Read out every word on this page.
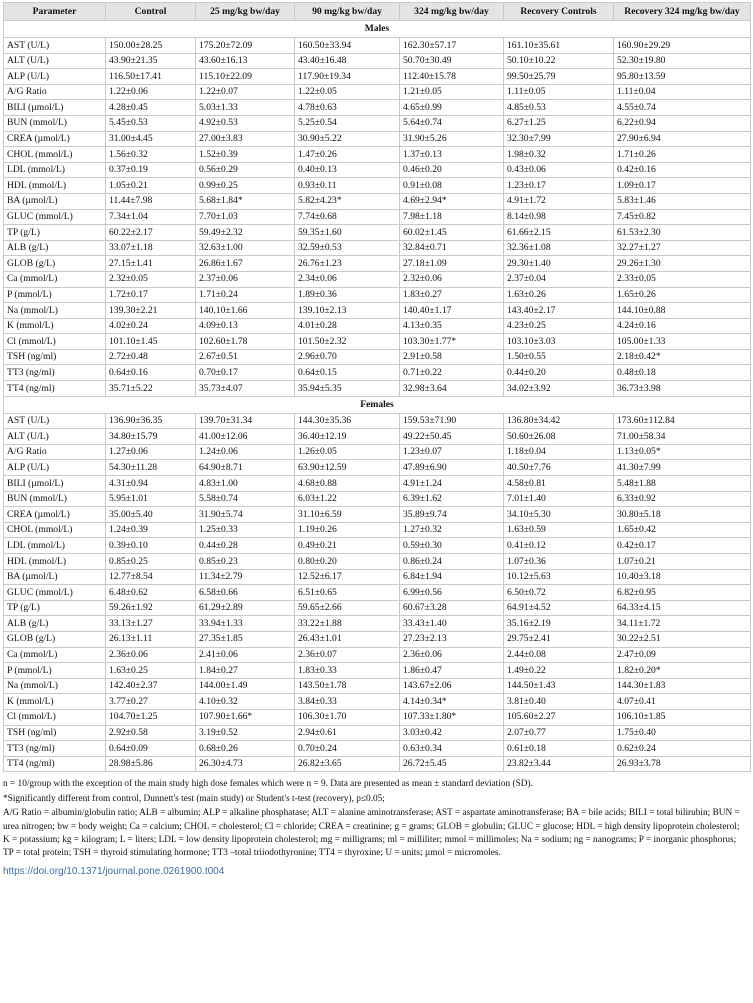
Parameter	Control	25 mg/kg bw/day	90 mg/kg bw/day	324 mg/kg bw/day	Recovery Controls	Recovery 324 mg/kg bw/day
Males						
AST (U/L)	150.00±28.25	175.20±72.09	160.50±33.94	162.30±57.17	161.10±35.61	160.90±29.29
ALT (U/L)	43.90±21.35	43.60±16.13	43.40±16.48	50.70±30.49	50.10±10.22	52.30±19.80
ALP (U/L)	116.50±17.41	115.10±22.09	117.90±19.34	112.40±15.78	99.50±25.79	95.80±13.59
A/G Ratio	1.22±0.06	1.22±0.07	1.22±0.05	1.21±0.05	1.11±0.05	1.11±0.04
BILI (µmol/L)	4.28±0.45	5.03±1.33	4.78±0.63	4.65±0.99	4.85±0.53	4.55±0.74
BUN (mmol/L)	5.45±0.53	4.92±0.53	5.25±0.54	5.64±0.74	6.27±1.25	6.22±0.94
CREA (µmol/L)	31.00±4.45	27.00±3.83	30.90±5.22	31.90±5.26	32.30±7.99	27.90±6.94
CHOL (mmol/L)	1.56±0.32	1.52±0.39	1.47±0.26	1.37±0.13	1.98±0.32	1.71±0.26
LDL (mmol/L)	0.37±0.19	0.56±0.29	0.40±0.13	0.46±0.20	0.43±0.06	0.42±0.16
HDL (mmol/L)	1.05±0.21	0.99±0.25	0.93±0.11	0.91±0.08	1.23±0.17	1.09±0.17
BA (µmol/L)	11.44±7.98	5.68±1.84*	5.82±4.23*	4.69±2.94*	4.91±1.72	5.83±1.46
GLUC (mmol/L)	7.34±1.04	7.70±1.03	7.74±0.68	7.98±1.18	8.14±0.98	7.45±0.82
TP (g/L)	60.22±2.17	59.49±2.32	59.35±1.60	60.02±1.45	61.66±2.15	61.53±2.30
ALB (g/L)	33.07±1.18	32.63±1.00	32.59±0.53	32.84±0.71	32.36±1.08	32.27±1.27
GLOB (g/L)	27.15±1.41	26.86±1.67	26.76±1.23	27.18±1.09	29.30±1.40	29.26±1.30
Ca (mmol/L)	2.32±0.05	2.37±0.06	2.34±0.06	2.32±0.06	2.37±0.04	2.33±0.05
P (mmol/L)	1.72±0.17	1.71±0.24	1.89±0.36	1.83±0.27	1.63±0.26	1.65±0.26
Na (mmol/L)	139.30±2.21	140.10±1.66	139.10±2.13	140.40±1.17	143.40±2.17	144.10±0.88
K (mmol/L)	4.02±0.24	4.09±0.13	4.01±0.28	4.13±0.35	4.23±0.25	4.24±0.16
Cl (mmol/L)	101.10±1.45	102.60±1.78	101.50±2.32	103.30±1.77*	103.10±3.03	105.00±1.33
TSH (ng/ml)	2.72±0.48	2.67±0.51	2.96±0.70	2.91±0.58	1.50±0.55	2.18±0.42*
TT3 (ng/ml)	0.64±0.16	0.70±0.17	0.64±0.15	0.71±0.22	0.44±0.20	0.48±0.18
TT4 (ng/ml)	35.71±5.22	35.73±4.07	35.94±5.35	32.98±3.64	34.02±3.92	36.73±3.98
Females						
AST (U/L)	136.90±36.35	139.70±31.34	144.30±35.36	159.53±71.90	136.80±34.42	173.60±112.84
ALT (U/L)	34.80±15.79	41.00±12.06	36.40±12.19	49.22±50.45	50.60±26.08	71.00±58.34
A/G Ratio	1.27±0.06	1.24±0.06	1.26±0.05	1.23±0.07	1.18±0.04	1.13±0.05*
ALP (U/L)	54.30±11.28	64.90±8.71	63.90±12.59	47.89±6.90	40.50±7.76	41.30±7.99
BILI (µmol/L)	4.31±0.94	4.83±1.00	4.68±0.88	4.91±1.24	4.58±0.81	5.48±1.88
BUN (mmol/L)	5.95±1.01	5.58±0.74	6.03±1.22	6.39±1.62	7.01±1.40	6.33±0.92
CREA (µmol/L)	35.00±5.40	31.90±5.74	31.10±6.59	35.89±9.74	34.10±5.30	30.80±5.18
CHOL (mmol/L)	1.24±0.39	1.25±0.33	1.19±0.26	1.27±0.32	1.63±0.59	1.65±0.42
LDL (mmol/L)	0.39±0.10	0.44±0.28	0.49±0.21	0.59±0.30	0.41±0.12	0.42±0.17
HDL (mmol/L)	0.85±0.25	0.85±0.23	0.80±0.20	0.86±0.24	1.07±0.36	1.07±0.21
BA (µmol/L)	12.77±8.54	11.34±2.79	12.52±6.17	6.84±1.94	10.12±5.63	10.40±3.18
GLUC (mmol/L)	6.48±0.62	6.58±0.66	6.51±0.65	6.99±0.56	6.50±0.72	6.82±0.95
TP (g/L)	59.26±1.92	61.29±2.89	59.65±2.66	60.67±3.28	64.91±4.52	64.33±4.15
ALB (g/L)	33.13±1.27	33.94±1.33	33.22±1.88	33.43±1.40	35.16±2.19	34.11±1.72
GLOB (g/L)	26.13±1.11	27.35±1.85	26.43±1.01	27.23±2.13	29.75±2.41	30.22±2.51
Ca (mmol/L)	2.36±0.06	2.41±0.06	2.36±0.07	2.36±0.06	2.44±0.08	2.47±0.09
P (mmol/L)	1.63±0.25	1.84±0.27	1.83±0.33	1.86±0.47	1.49±0.22	1.82±0.20*
Na (mmol/L)	142.40±2.37	144.00±1.49	143.50±1.78	143.67±2.06	144.50±1.43	144.30±1.83
K (mmol/L)	3.77±0.27	4.10±0.32	3.84±0.33	4.14±0.34*	3.81±0.40	4.07±0.41
Cl (mmol/L)	104.70±1.25	107.90±1.66*	106.30±1.70	107.33±1.80*	105.60±2.27	106.10±1.85
TSH (ng/ml)	2.92±0.58	3.19±0.52	2.94±0.61	3.03±0.42	2.07±0.77	1.75±0.40
TT3 (ng/ml)	0.64±0.09	0.68±0.26	0.70±0.24	0.63±0.34	0.61±0.18	0.62±0.24
TT4 (ng/ml)	28.98±5.86	26.30±4.73	26.82±3.65	26.72±5.45	23.82±3.44	26.93±3.78

n = 10/group with the exception of the main study high dose females which were n = 9. Data are presented as mean ± standard deviation (SD).

*Significantly different from control, Dunnett's test (main study) or Student's t-test (recovery), p≤0.05;

A/G Ratio = albumin/globulin ratio; ALB = albumin; ALP = alkaline phosphatase; ALT = alanine aminotransferase; AST = aspartate aminotransferase; BA = bile acids; BILI = total bilirubin; BUN = urea nitrogen; bw = body weight; Ca = calcium; CHOL = cholesterol; Cl = chloride; CREA = creatinine; g = grams; GLOB = globulin; GLUC = glucose; HDL = high density lipoprotein cholesterol; K = potassium; kg = kilogram; L = liters; LDL = low density lipoprotein cholesterol; mg = milligrams; ml = milliliter; mmol = millimoles; Na = sodium; ng = nanograms; P = inorganic phosphorus; TP = total protein; TSH = thyroid stimulating hormone; TT3 –total triiodothyronine; TT4 = thyroxine; U = units; µmol = micromoles.

https://doi.org/10.1371/journal.pone.0261900.t004
